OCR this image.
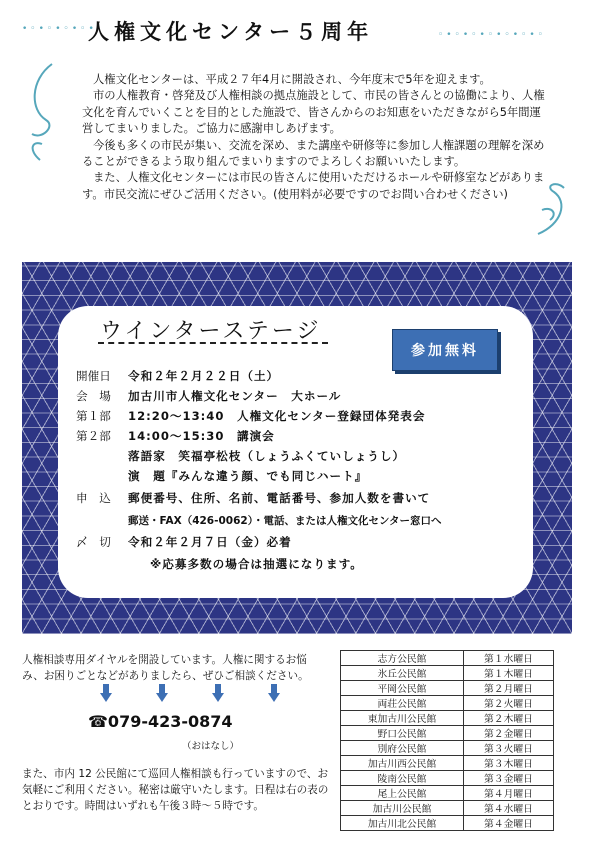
人権文化センター５周年
•◦•◦•◦•◦•
◦•◦•◦•◦•◦•◦•◦

人権文化センターは、平成２７年4月に開設され、今年度末で5年を迎えます。

市の人権教育・啓発及び人権相談の拠点施設として、市民の皆さんとの協働により、人権文化を育んでいくことを目的とした施設で、皆さんからのお知恵をいただきながら5年間運営してまいりました。ご協力に感謝申しあげます。

今後も多くの市民が集い、交流を深め、また講座や研修等に参加し人権課題の理解を深めることができるよう取り組んでまいりますのでよろしくお願いいたします。

また、人権文化センターには市民の皆さんに使用いただけるホールや研修室などがあります。市民交流にぜひご活用ください。(使用料が必要ですのでお問い合わせください)

ウインターステージ
参加無料
開催日 令和２年２月２２日（土）
会　場 加古川市人権文化センター　大ホール
第１部 12:20～13:40　人権文化センター登録団体発表会
第２部 14:00～15:30　講演会
落語家　笑福亭松枝（しょうふくていしょうし）
演　題『みんな違う顔、でも同じハート』
申　込 郵便番号、住所、名前、電話番号、参加人数を書いて
郵送・FAX（426-0062）・電話、または人権文化センター窓口へ
〆　切 令和２年２月７日（金）必着
※応募多数の場合は抽選になります。
人権相談専用ダイヤルを開設しています。人権に関するお悩み、お困りごとなどがありましたら、ぜひご相談ください。
☎079-423-0874
（おはなし）
また、市内 12 公民館にて巡回人権相談も行っていますので、お気軽にご利用ください。秘密は厳守いたします。日程は右の表のとおりです。時間はいずれも午後３時～５時です。
志方公民館	第１水曜日
氷丘公民館	第１木曜日
平岡公民館	第２月曜日
両荘公民館	第２火曜日
東加古川公民館	第２木曜日
野口公民館	第２金曜日
別府公民館	第３火曜日
加古川西公民館	第３木曜日
陵南公民館	第３金曜日
尾上公民館	第４月曜日
加古川公民館	第４水曜日
加古川北公民館	第４金曜日
